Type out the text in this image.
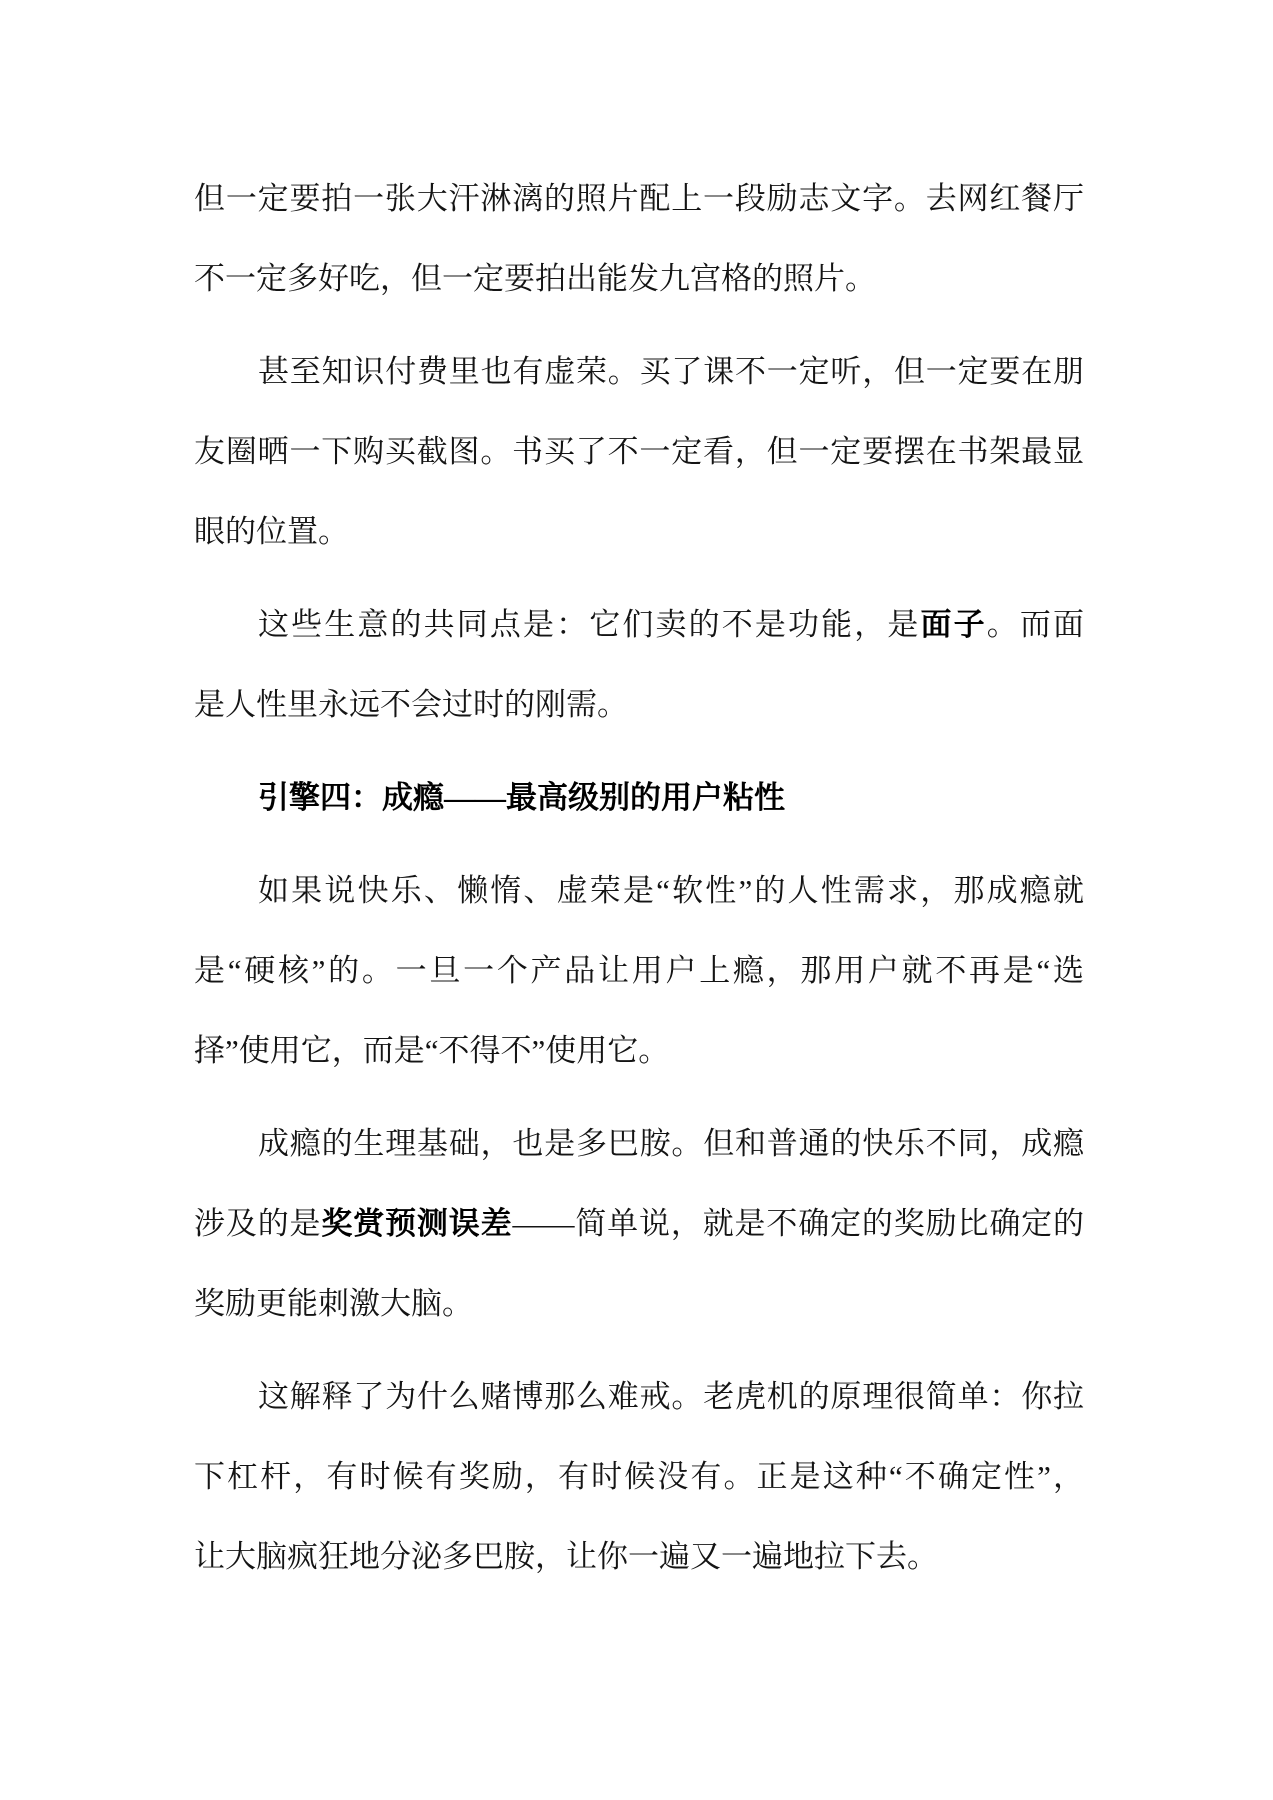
但一定要拍一张大汗淋漓的照片配上一段励志文字。去网红餐厅
不一定多好吃，但一定要拍出能发九宫格的照片。
甚至知识付费里也有虚荣。买了课不一定听，但一定要在朋
友圈晒一下购买截图。书买了不一定看，但一定要摆在书架最显
眼的位置。
这些生意的共同点是：它们卖的不是功能，是面子。而面
是人性里永远不会过时的刚需。
引擎四：成瘾——最高级别的用户粘性
如果说快乐、懒惰、虚荣是“软性”的人性需求，那成瘾就
是“硬核”的。一旦一个产品让用户上瘾，那用户就不再是“选
择”使用它，而是“不得不”使用它。
成瘾的生理基础，也是多巴胺。但和普通的快乐不同，成瘾
涉及的是奖赏预测误差——简单说，就是不确定的奖励比确定的
奖励更能刺激大脑。
这解释了为什么赌博那么难戒。老虎机的原理很简单：你拉
下杠杆，有时候有奖励，有时候没有。正是这种“不确定性”，
让大脑疯狂地分泌多巴胺，让你一遍又一遍地拉下去。
